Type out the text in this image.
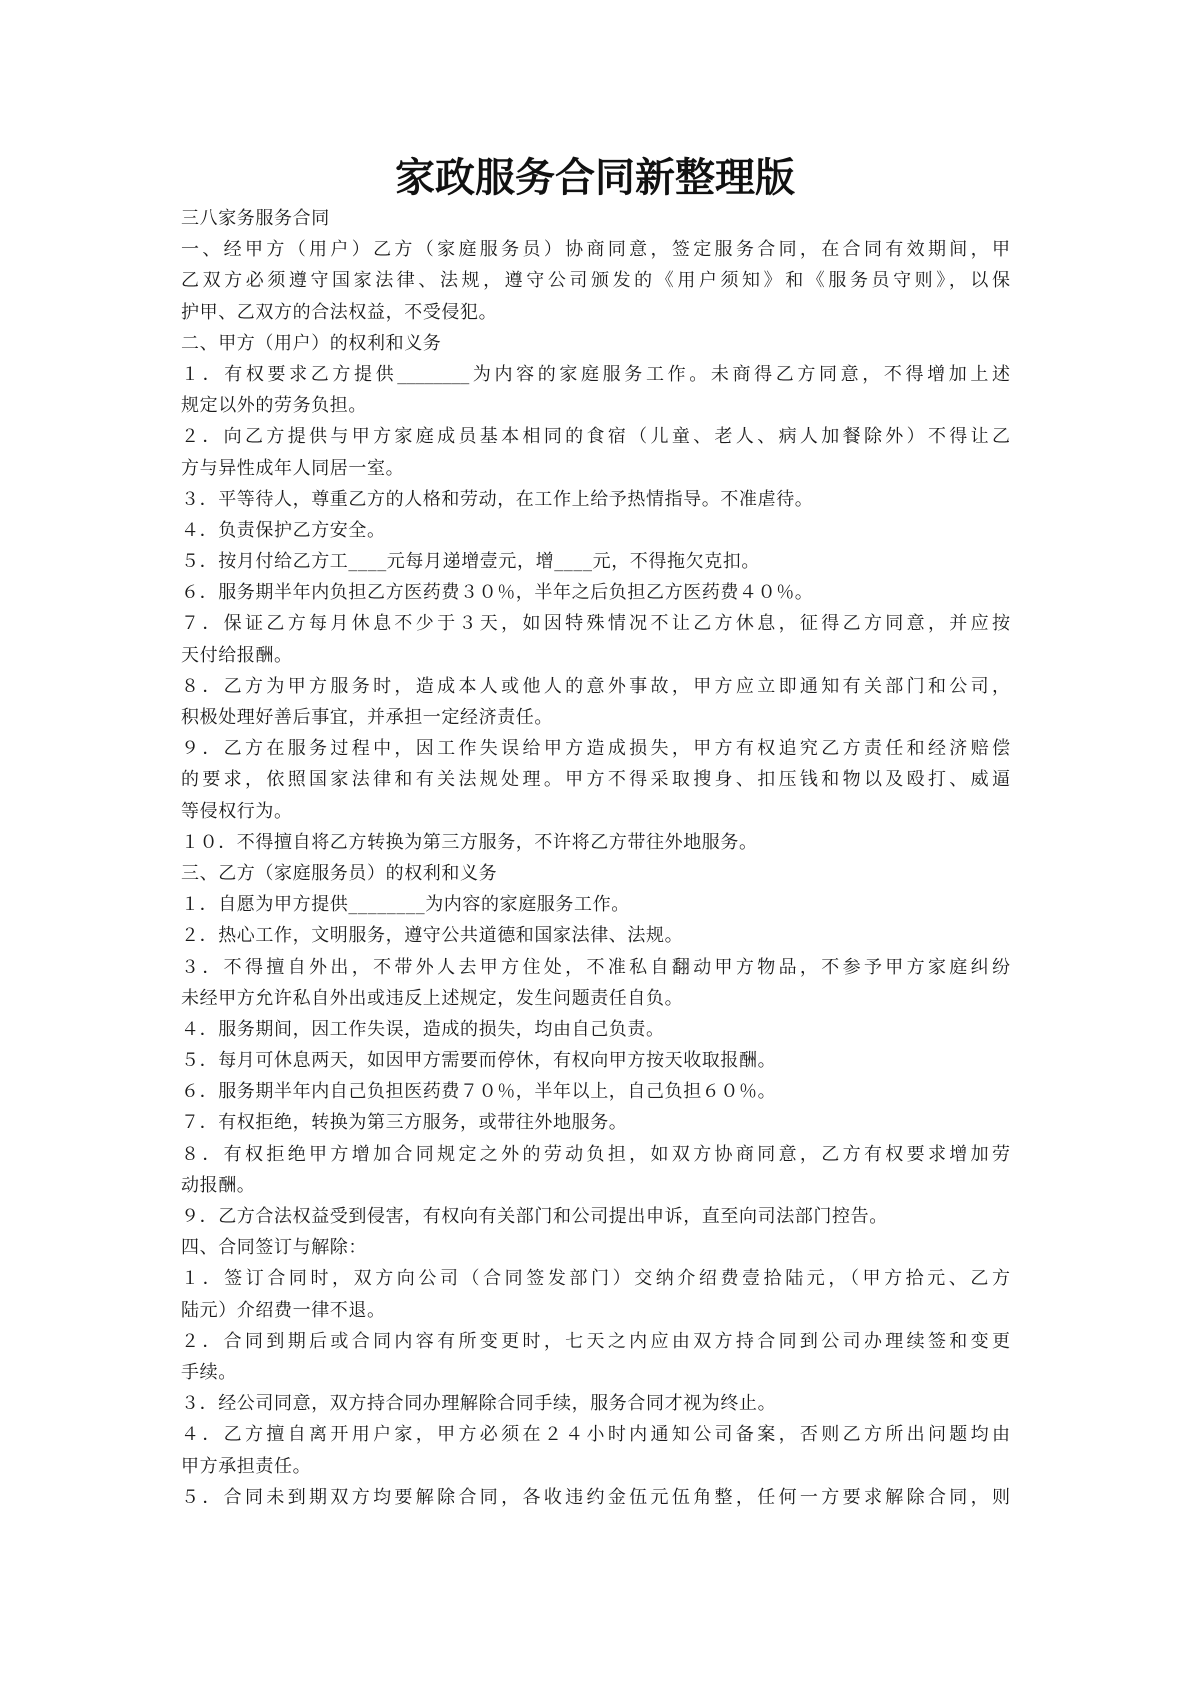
家政服务合同新整理版
三八家务服务合同
一、经甲方（用户）乙方（家庭服务员）协商同意，签定服务合同，在合同有效期间，甲
乙双方必须遵守国家法律、法规，遵守公司颁发的《用户须知》和《服务员守则》，以保
护甲、乙双方的合法权益，不受侵犯。
二、甲方（用户）的权利和义务
１．有权要求乙方提供________为内容的家庭服务工作。未商得乙方同意，不得增加上述
规定以外的劳务负担。
２．向乙方提供与甲方家庭成员基本相同的食宿（儿童、老人、病人加餐除外）不得让乙
方与异性成年人同居一室。
３．平等待人，尊重乙方的人格和劳动，在工作上给予热情指导。不准虐待。
４．负责保护乙方安全。
５．按月付给乙方工____元每月递增壹元，增____元，不得拖欠克扣。
６．服务期半年内负担乙方医药费３０％，半年之后负担乙方医药费４０％。
７．保证乙方每月休息不少于３天，如因特殊情况不让乙方休息，征得乙方同意，并应按
天付给报酬。
８．乙方为甲方服务时，造成本人或他人的意外事故，甲方应立即通知有关部门和公司，
积极处理好善后事宜，并承担一定经济责任。
９．乙方在服务过程中，因工作失误给甲方造成损失，甲方有权追究乙方责任和经济赔偿
的要求，依照国家法律和有关法规处理。甲方不得采取搜身、扣压钱和物以及殴打、威逼
等侵权行为。
１０．不得擅自将乙方转换为第三方服务，不许将乙方带往外地服务。
三、乙方（家庭服务员）的权利和义务
１．自愿为甲方提供________为内容的家庭服务工作。
２．热心工作，文明服务，遵守公共道德和国家法律、法规。
３．不得擅自外出，不带外人去甲方住处，不准私自翻动甲方物品，不参予甲方家庭纠纷
未经甲方允许私自外出或违反上述规定，发生问题责任自负。
４．服务期间，因工作失误，造成的损失，均由自己负责。
５．每月可休息两天，如因甲方需要而停休，有权向甲方按天收取报酬。
６．服务期半年内自己负担医药费７０％，半年以上，自己负担６０％。
７．有权拒绝，转换为第三方服务，或带往外地服务。
８．有权拒绝甲方增加合同规定之外的劳动负担，如双方协商同意，乙方有权要求增加劳
动报酬。
９．乙方合法权益受到侵害，有权向有关部门和公司提出申诉，直至向司法部门控告。
四、合同签订与解除：
１．签订合同时，双方向公司（合同签发部门）交纳介绍费壹拾陆元，（甲方拾元、乙方
陆元）介绍费一律不退。
２．合同到期后或合同内容有所变更时，七天之内应由双方持合同到公司办理续签和变更
手续。
３．经公司同意，双方持合同办理解除合同手续，服务合同才视为终止。
４．乙方擅自离开用户家，甲方必须在２４小时内通知公司备案，否则乙方所出问题均由
甲方承担责任。
５．合同未到期双方均要解除合同，各收违约金伍元伍角整，任何一方要求解除合同，则
